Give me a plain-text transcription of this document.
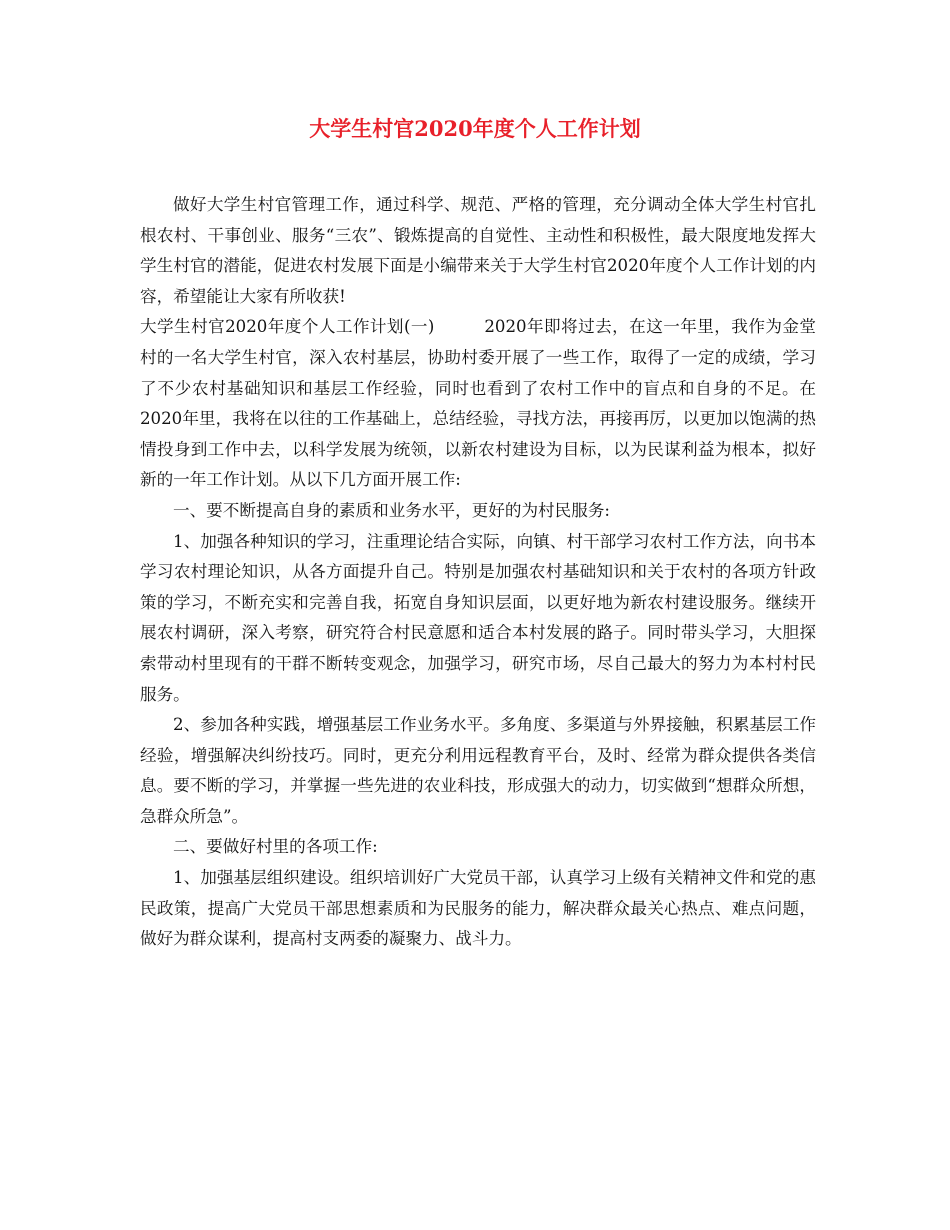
大学生村官2020年度个人工作计划

做好大学生村官管理工作，通过科学、规范、严格的管理，充分调动全体大学生村官扎根农村、干事创业、服务“三农”、锻炼提高的自觉性、主动性和积极性，最大限度地发挥大学生村官的潜能，促进农村发展下面是小编带来关于大学生村官2020年度个人工作计划的内容，希望能让大家有所收获!

大学生村官2020年度个人工作计划(一)	2020年即将过去，在这一年里，我作为金堂村的一名大学生村官，深入农村基层，协助村委开展了一些工作，取得了一定的成绩，学习了不少农村基础知识和基层工作经验，同时也看到了农村工作中的盲点和自身的不足。在2020年里，我将在以往的工作基础上，总结经验，寻找方法，再接再厉，以更加以饱满的热情投身到工作中去，以科学发展为统领，以新农村建设为目标，以为民谋利益为根本，拟好新的一年工作计划。从以下几方面开展工作:

一、要不断提高自身的素质和业务水平，更好的为村民服务:

1、加强各种知识的学习，注重理论结合实际，向镇、村干部学习农村工作方法，向书本学习农村理论知识，从各方面提升自己。特别是加强农村基础知识和关于农村的各项方针政策的学习，不断充实和完善自我，拓宽自身知识层面，以更好地为新农村建设服务。继续开展农村调研，深入考察，研究符合村民意愿和适合本村发展的路子。同时带头学习，大胆探索带动村里现有的干群不断转变观念，加强学习，研究市场，尽自己最大的努力为本村村民服务。

2、参加各种实践，增强基层工作业务水平。多角度、多渠道与外界接触，积累基层工作经验，增强解决纠纷技巧。同时，更充分利用远程教育平台，及时、经常为群众提供各类信息。要不断的学习，并掌握一些先进的农业科技，形成强大的动力，切实做到“想群众所想，急群众所急”。

二、要做好村里的各项工作:

1、加强基层组织建设。组织培训好广大党员干部，认真学习上级有关精神文件和党的惠民政策，提高广大党员干部思想素质和为民服务的能力，解决群众最关心热点、难点问题，做好为群众谋利，提高村支两委的凝聚力、战斗力。
